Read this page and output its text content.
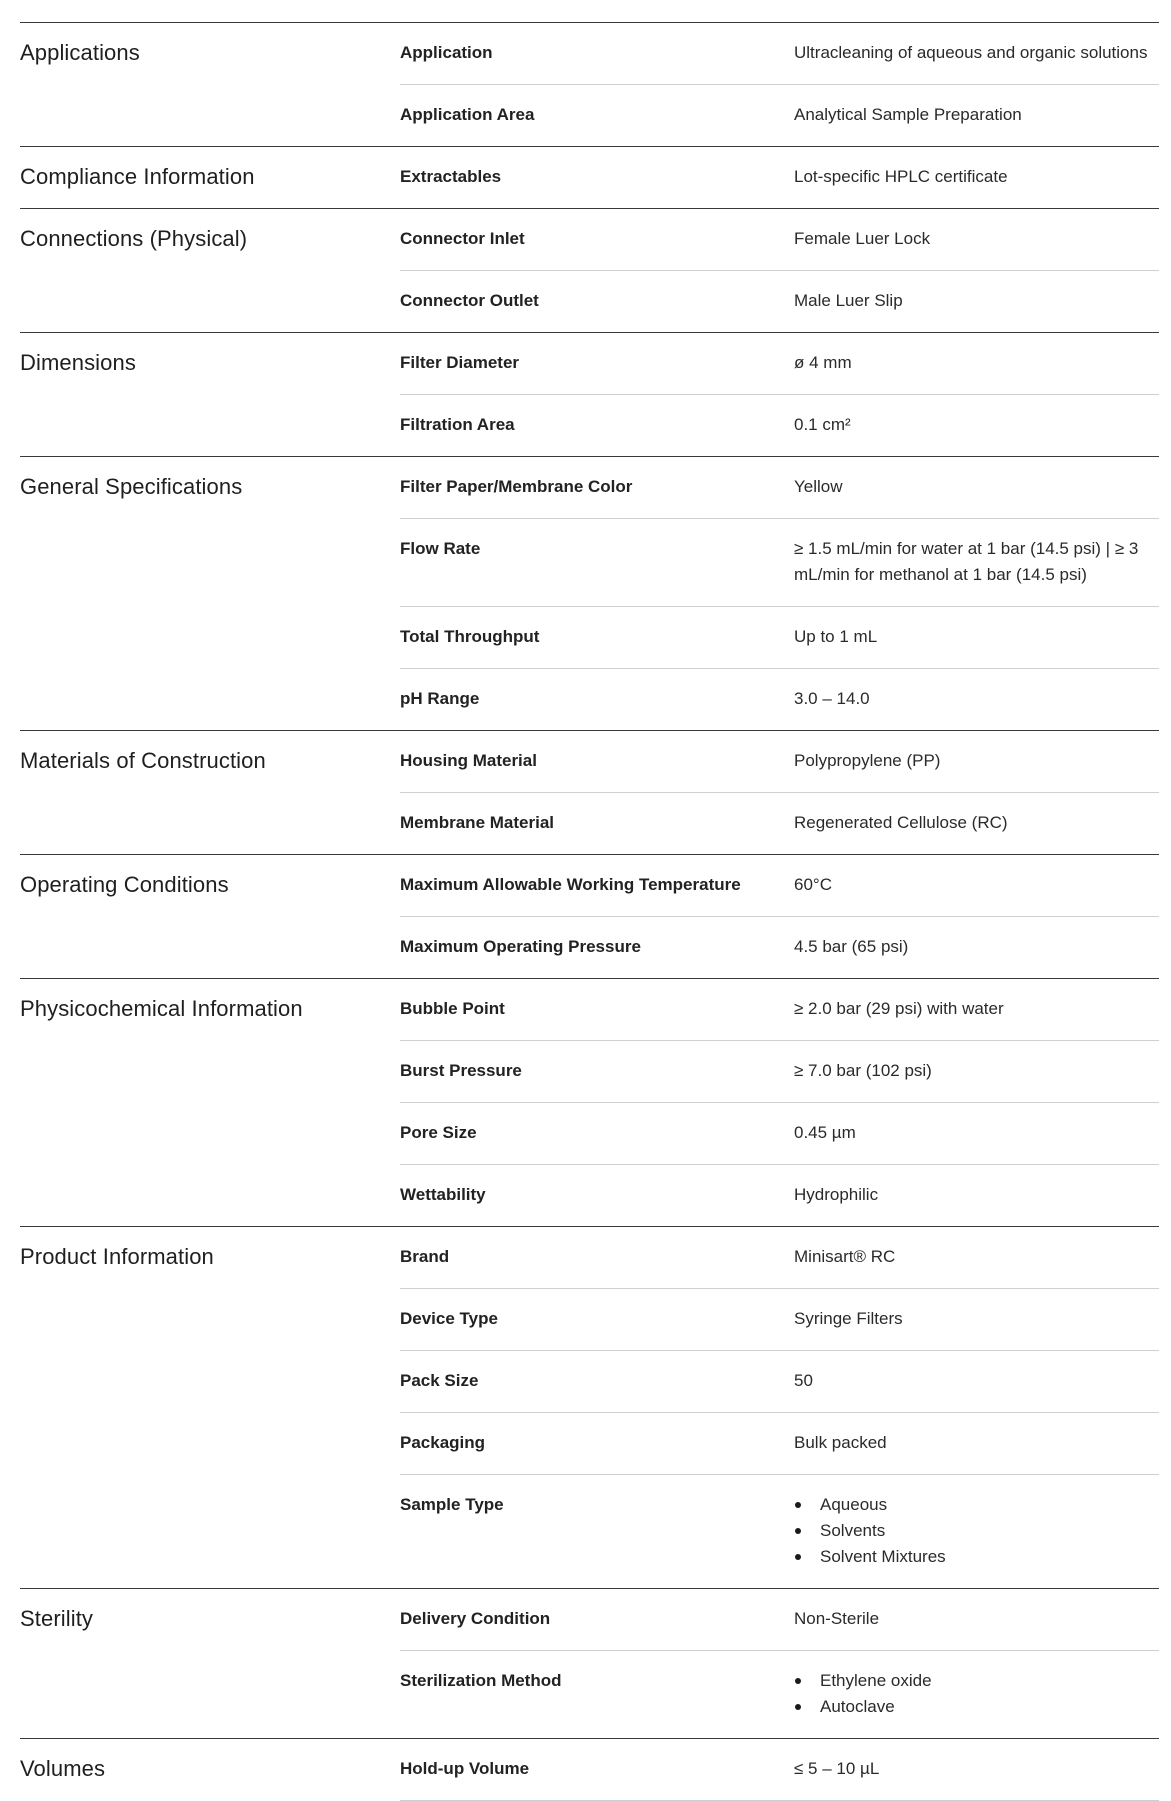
Applications	Application	Ultracleaning of aqueous and organic solutions
Application Area	Analytical Sample Preparation
Compliance Information	Extractables	Lot-specific HPLC certificate
Connections (Physical)	Connector Inlet	Female Luer Lock
Connector Outlet	Male Luer Slip
Dimensions	Filter Diameter	ø 4 mm
Filtration Area	0.1 cm²
General Specifications	Filter Paper/Membrane Color	Yellow
Flow Rate	≥ 1.5 mL/min for water at 1 bar (14.5 psi) | ≥ 3 mL/min for methanol at 1 bar (14.5 psi)
Total Throughput	Up to 1 mL
pH Range	3.0 – 14.0
Materials of Construction	Housing Material	Polypropylene (PP)
Membrane Material	Regenerated Cellulose (RC)
Operating Conditions	Maximum Allowable Working Temperature	60°C
Maximum Operating Pressure	4.5 bar (65 psi)
Physicochemical Information	Bubble Point	≥ 2.0 bar (29 psi) with water
Burst Pressure	≥ 7.0 bar (102 psi)
Pore Size	0.45 µm
Wettability	Hydrophilic
Product Information	Brand	Minisart® RC
Device Type	Syringe Filters
Pack Size	50
Packaging	Bulk packed
Sample Type	Aqueous
Solvents
Solvent Mixtures
Sterility	Delivery Condition	Non-Sterile
Sterilization Method	Ethylene oxide
Autoclave
Volumes	Hold-up Volume	≤ 5 – 10 µL
